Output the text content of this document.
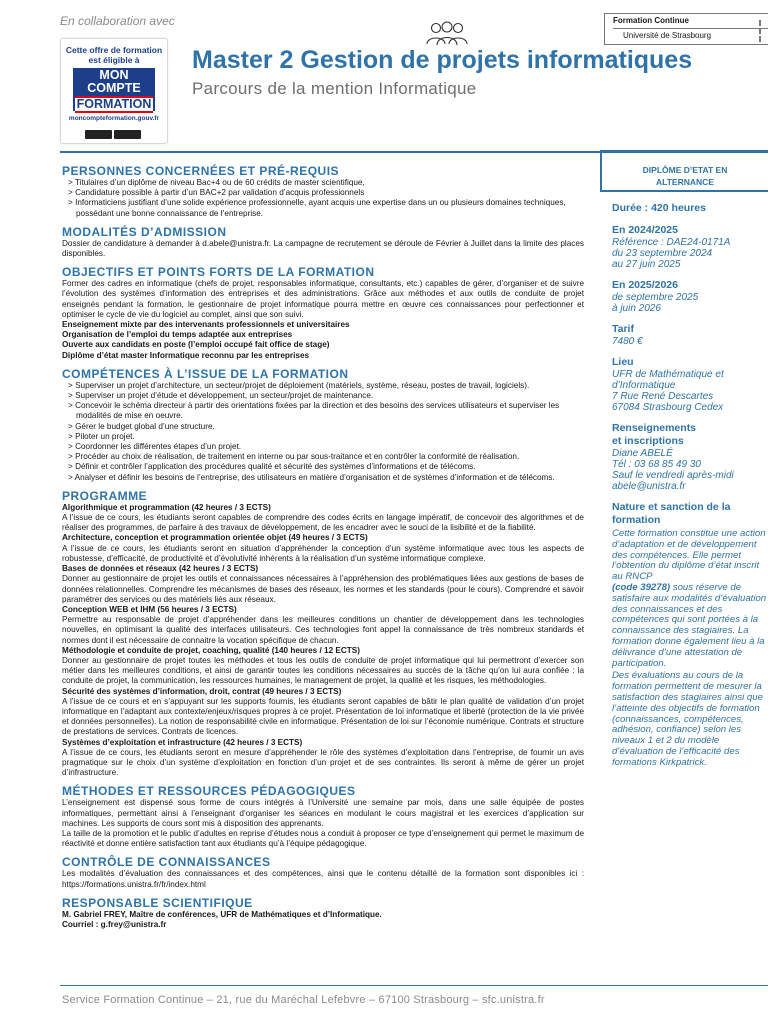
En collaboration avec
Cette offre de formation
est éligible à
MON
COMPTE
FORMATION
moncompteformation.gouv.fr
Master 2 Gestion de projets informatiques
Parcours de la mention Informatique
Formation Continue
Université de Strasbourg
PERSONNES CONCERNÉES ET PRÉ-REQUIS
> Titulaires d’un diplôme de niveau Bac+4 ou de 60 crédits de master scientifique,
> Candidature possible à partir d’un BAC+2 par validation d’acquis professionnels
> Informaticiens justifiant d’une solide expérience professionnelle, ayant acquis une expertise dans un ou plusieurs domaines techniques, possédant une bonne connaissance de l’entreprise.
MODALITÉS D’ADMISSION

Dossier de candidature à demander à d.abele@unistra.fr. La campagne de recrutement se déroule de Février à Juillet dans la limite des places disponibles.

OBJECTIFS ET POINTS FORTS DE LA FORMATION

Former des cadres en informatique (chefs de projet, responsables informatique, consultants, etc.) capables de gérer, d’organiser et de suivre l’évolution des systèmes d’information des entreprises et des administrations. Grâce aux méthodes et aux outils de conduite de projet enseignés pendant la formation, le gestionnaire de projet informatique pourra mettre en œuvre ces connaissances pour perfectionner et optimiser le cycle de vie du logiciel au complet, ainsi que son suivi.

Enseignement mixte par des intervenants professionnels et universitaires

Organisation de l’emploi du temps adaptée aux entreprises

Ouverte aux candidats en poste (l’emploi occupé fait office de stage)

Diplôme d’état master Informatique reconnu par les entreprises

COMPÉTENCES À L’ISSUE DE LA FORMATION
> Superviser un projet d’architecture, un secteur/projet de déploiement (matériels, système, réseau, postes de travail, logiciels).
> Superviser un projet d’étude et développement, un secteur/projet de maintenance.
> Concevoir le schéma directeur à partir des orientations fixées par la direction et des besoins des services utilisateurs et superviser les modalités de mise en oeuvre.
> Gérer le budget global d’une structure.
> Piloter un projet.
> Coordonner les différentes étapes d’un projet.
> Procéder au choix de réalisation, de traitement en interne ou par sous-traitance et en contrôler la conformité de réalisation.
> Définir et contrôler l’application des procédures qualité et sécurité des systèmes d’informations et de télécoms.
> Analyser et définir les besoins de l’entreprise, des utilisateurs en matière d’organisation et de systèmes d’information et de télécoms.
PROGRAMME

Algorithmique et programmation (42 heures / 3 ECTS)

A l’issue de ce cours, les étudiants seront capables de comprendre des codes écrits en langage impératif, de concevoir des algorithmes et de réaliser des programmes, de parfaire à des travaux de développement, de les encadrer avec le souci de la lisibilité et de la fiabilité.

Architecture, conception et programmation orientée objet (49 heures / 3 ECTS)

A l’issue de ce cours, les étudiants seront en situation d’appréhender la conception d’un système informatique avec tous les aspects de robustesse, d’efficacité, de productivité et d’évolutivité inhérents à la réalisation d’un système informatique complexe.

Bases de données et réseaux (42 heures / 3 ECTS)

Donner au gestionnaire de projet les outils et connaissances nécessaires à l’appréhension des problématiques liées aux gestions de bases de données relationnelles. Comprendre les mécanismes de bases des réseaux, les normes et les standards (pour le cours). Comprendre et savoir paramétrer des services ou des matériels liés aux réseaux.

Conception WEB et IHM (56 heures / 3 ECTS)

Permettre au responsable de projet d’appréhender dans les meilleures conditions un chantier de développement dans les technologies nouvelles, en optimisant la qualité des interfaces utilisateurs. Ces technologies font appel la connaissance de très nombreux standards et normes dont il est nécessaire de connaitre la vocation spécifique de chacun.

Méthodologie et conduite de projet, coaching, qualité (140 heures / 12 ECTS)

Donner au gestionnaire de projet toutes les méthodes et tous les outils de conduite de projet informatique qui lui permettront d’exercer son métier dans les meilleures conditions, et ainsi de garantir toutes les conditions nécessaires au succès de la tâche qu’on lui aura confiée : la conduite de projet, la communication, les ressources humaines, le management de projet, la qualité et les risques, les méthodologies.

Sécurité des systèmes d’information, droit, contrat (49 heures / 3 ECTS)

A l’issue de ce cours et en s’appuyant sur les supports fournis, les étudiants seront capables de bâtir le plan qualité de validation d’un projet informatique en l’adaptant aux contexte/enjeux/risques propres à ce projet. Présentation de loi informatique et liberté (protection de la vie privée et données personnelles). La notion de responsabilité civile en informatique. Présentation de loi sur l’économie numérique. Contrats et structure de prestations de services. Contrats de licences.

Systèmes d’exploitation et infrastructure (42 heures / 3 ECTS)

A l’issue de ce cours, les étudiants seront en mesure d’appréhender le rôle des systèmes d’exploitation dans l’entreprise, de fournir un avis pragmatique sur le choix d’un système d’exploitation en fonction d’un projet et de ses contraintes. Ils seront à même de gérer un projet d’infrastructure.

MÉTHODES ET RESSOURCES PÉDAGOGIQUES

L’enseignement est dispensé sous forme de cours intégrés à l’Université une semaine par mois, dans une salle équipée de postes informatiques, permettant ainsi à l’enseignant d’organiser les séances en modulant le cours magistral et les exercices d’application sur machines. Les supports de cours sont mis à disposition des apprenants.

La taille de la promotion et le public d’adultes en reprise d’études nous a conduit à proposer ce type d’enseignement qui permet le maximum de réactivité et donne entière satisfaction tant aux étudiants qu’à l’équipe pédagogique.

CONTRÔLE DE CONNAISSANCES

Les modalités d’évaluation des connaissances et des compétences, ainsi que le contenu détaillé de la formation sont disponibles ici : https://formations.unistra.fr/fr/index.html

RESPONSABLE SCIENTIFIQUE

M. Gabriel FREY, Maître de conférences, UFR de Mathématiques et d’Informatique.

Courriel : g.frey@unistra.fr

DIPLÔME D’ETAT EN
ALTERNANCE
Durée : 420 heures
En 2024/2025
Référence : DAE24-0171A
du 23 septembre 2024
au 27 juin 2025
En 2025/2026
de septembre 2025
à juin 2026
Tarif
7480 €
Lieu
UFR de Mathématique et
d’Informatique
7 Rue René Descartes
67084 Strasbourg Cedex
Renseignements
et inscriptions
Diane ABELÉ
Tél : 03 68 85 49 30
Sauf le vendredi après-midi
abele@unistra.fr
Nature et sanction de la
formation
Cette formation constitue une action d’adaptation et de développement des compétences. Elle permet l’obtention du diplôme d’état inscrit au RNCP
(code 39278) sous réserve de satisfaire aux modalités d’évaluation des connaissances et des compétences qui sont portées à la connaissance des stagiaires. La formation donne également lieu à la délivrance d’une attestation de participation.
Des évaluations au cours de la formation permettent de mesurer la satisfaction des stagiaires ainsi que l’atteinte des objectifs de formation (connaissances, compétences, adhésion, confiance) selon les niveaux 1 et 2 du modèle d’évaluation de l’efficacité des formations Kirkpatrick.
Service Formation Continue – 21, rue du Maréchal Lefebvre – 67100 Strasbourg – sfc.unistra.fr
